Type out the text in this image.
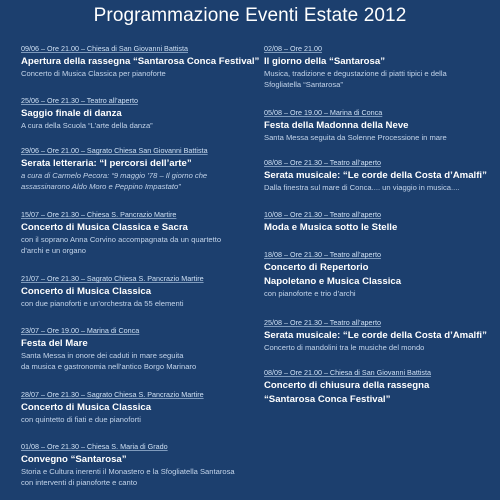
Programmazione Eventi Estate 2012
09/06 – Ore 21.00 – Chiesa di San Giovanni Battista
Apertura della rassegna “Santarosa Conca Festival”
Concerto di Musica Classica per pianoforte
25/06 – Ore 21.30 – Teatro all’aperto
Saggio finale di danza
A cura della Scuola “L’arte della danza”
29/06 – Ore 21.00 – Sagrato Chiesa San Giovanni Battista
Serata letteraria: “I percorsi dell’arte”
a cura di Carmelo Pecora: “9 maggio ’78 – Il giorno che
assassinarono Aldo Moro e Peppino Impastato”
15/07 – Ore 21.30 – Chiesa S. Pancrazio Martire
Concerto di Musica Classica e Sacra
con il soprano Anna Corvino accompagnata da un quartetto
d’archi e un organo
21/07 – Ore 21.30 – Sagrato Chiesa S. Pancrazio Martire
Concerto di Musica Classica
con due pianoforti e un’orchestra da 55 elementi
23/07 – Ore 19.00 – Marina di Conca
Festa del Mare
Santa Messa in onore dei caduti in mare seguita
da musica e gastronomia nell’antico Borgo Marinaro
28/07 – Ore 21.30 – Sagrato Chiesa S. Pancrazio Martire
Concerto di Musica Classica
con quintetto di fiati e due pianoforti
01/08 – Ore 21.30 – Chiesa S. Maria di Grado
Convegno “Santarosa”
Storia e Cultura inerenti il Monastero e la Sfogliatella Santarosa
con interventi di pianoforte e canto
02/08 – Ore 21.00
Il giorno della “Santarosa”
Musica, tradizione e degustazione di piatti tipici e della
Sfogliatella “Santarosa”
05/08 – Ore 19.00 – Marina di Conca
Festa della Madonna della Neve
Santa Messa seguita da Solenne Processione in mare
08/08 – Ore 21.30 – Teatro all’aperto
Serata musicale: “Le corde della Costa d’Amalfi”
Dalla finestra sul mare di Conca.... un viaggio in musica....
10/08 – Ore 21.30 – Teatro all’aperto
Moda e Musica sotto le Stelle
18/08 – Ore 21.30 – Teatro all’aperto
Concerto di Repertorio
Napoletano e Musica Classica
con pianoforte e trio d’archi
25/08 – Ore 21.30 – Teatro all’aperto
Serata musicale: “Le corde della Costa d’Amalfi”
Concerto di mandolini tra le musiche del mondo
08/09 – Ore 21.00 – Chiesa di San Giovanni Battista
Concerto di chiusura della rassegna
“Santarosa Conca Festival”
